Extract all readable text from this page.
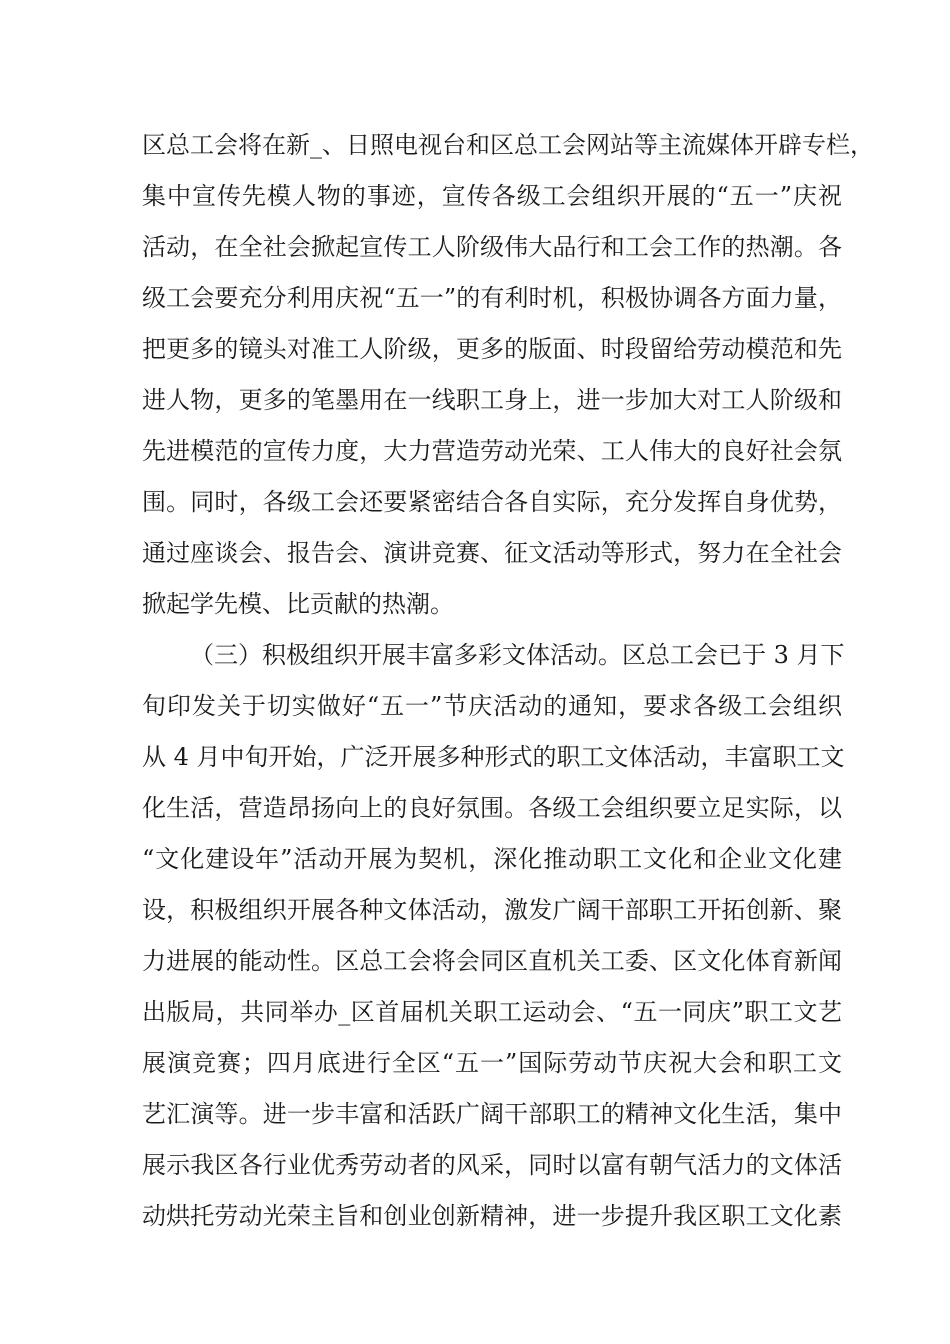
区总工会将在新_、日照电视台和区总工会网站等主流媒体开辟专栏，
集中宣传先模人物的事迹，宣传各级工会组织开展的“五一”庆祝
活动，在全社会掀起宣传工人阶级伟大品行和工会工作的热潮。各
级工会要充分利用庆祝“五一”的有利时机，积极协调各方面力量，
把更多的镜头对准工人阶级，更多的版面、时段留给劳动模范和先
进人物，更多的笔墨用在一线职工身上，进一步加大对工人阶级和
先进模范的宣传力度，大力营造劳动光荣、工人伟大的良好社会氛
围。同时，各级工会还要紧密结合各自实际，充分发挥自身优势，
通过座谈会、报告会、演讲竞赛、征文活动等形式，努力在全社会
掀起学先模、比贡献的热潮。
（三）积极组织开展丰富多彩文体活动。区总工会已于 3 月下
旬印发关于切实做好“五一”节庆活动的通知，要求各级工会组织
从 4 月中旬开始，广泛开展多种形式的职工文体活动，丰富职工文
化生活，营造昂扬向上的良好氛围。各级工会组织要立足实际，以
“文化建设年”活动开展为契机，深化推动职工文化和企业文化建
设，积极组织开展各种文体活动，激发广阔干部职工开拓创新、聚
力进展的能动性。区总工会将会同区直机关工委、区文化体育新闻
出版局，共同举办_区首届机关职工运动会、“五一同庆”职工文艺
展演竞赛；四月底进行全区“五一”国际劳动节庆祝大会和职工文
艺汇演等。进一步丰富和活跃广阔干部职工的精神文化生活，集中
展示我区各行业优秀劳动者的风采，同时以富有朝气活力的文体活
动烘托劳动光荣主旨和创业创新精神，进一步提升我区职工文化素
